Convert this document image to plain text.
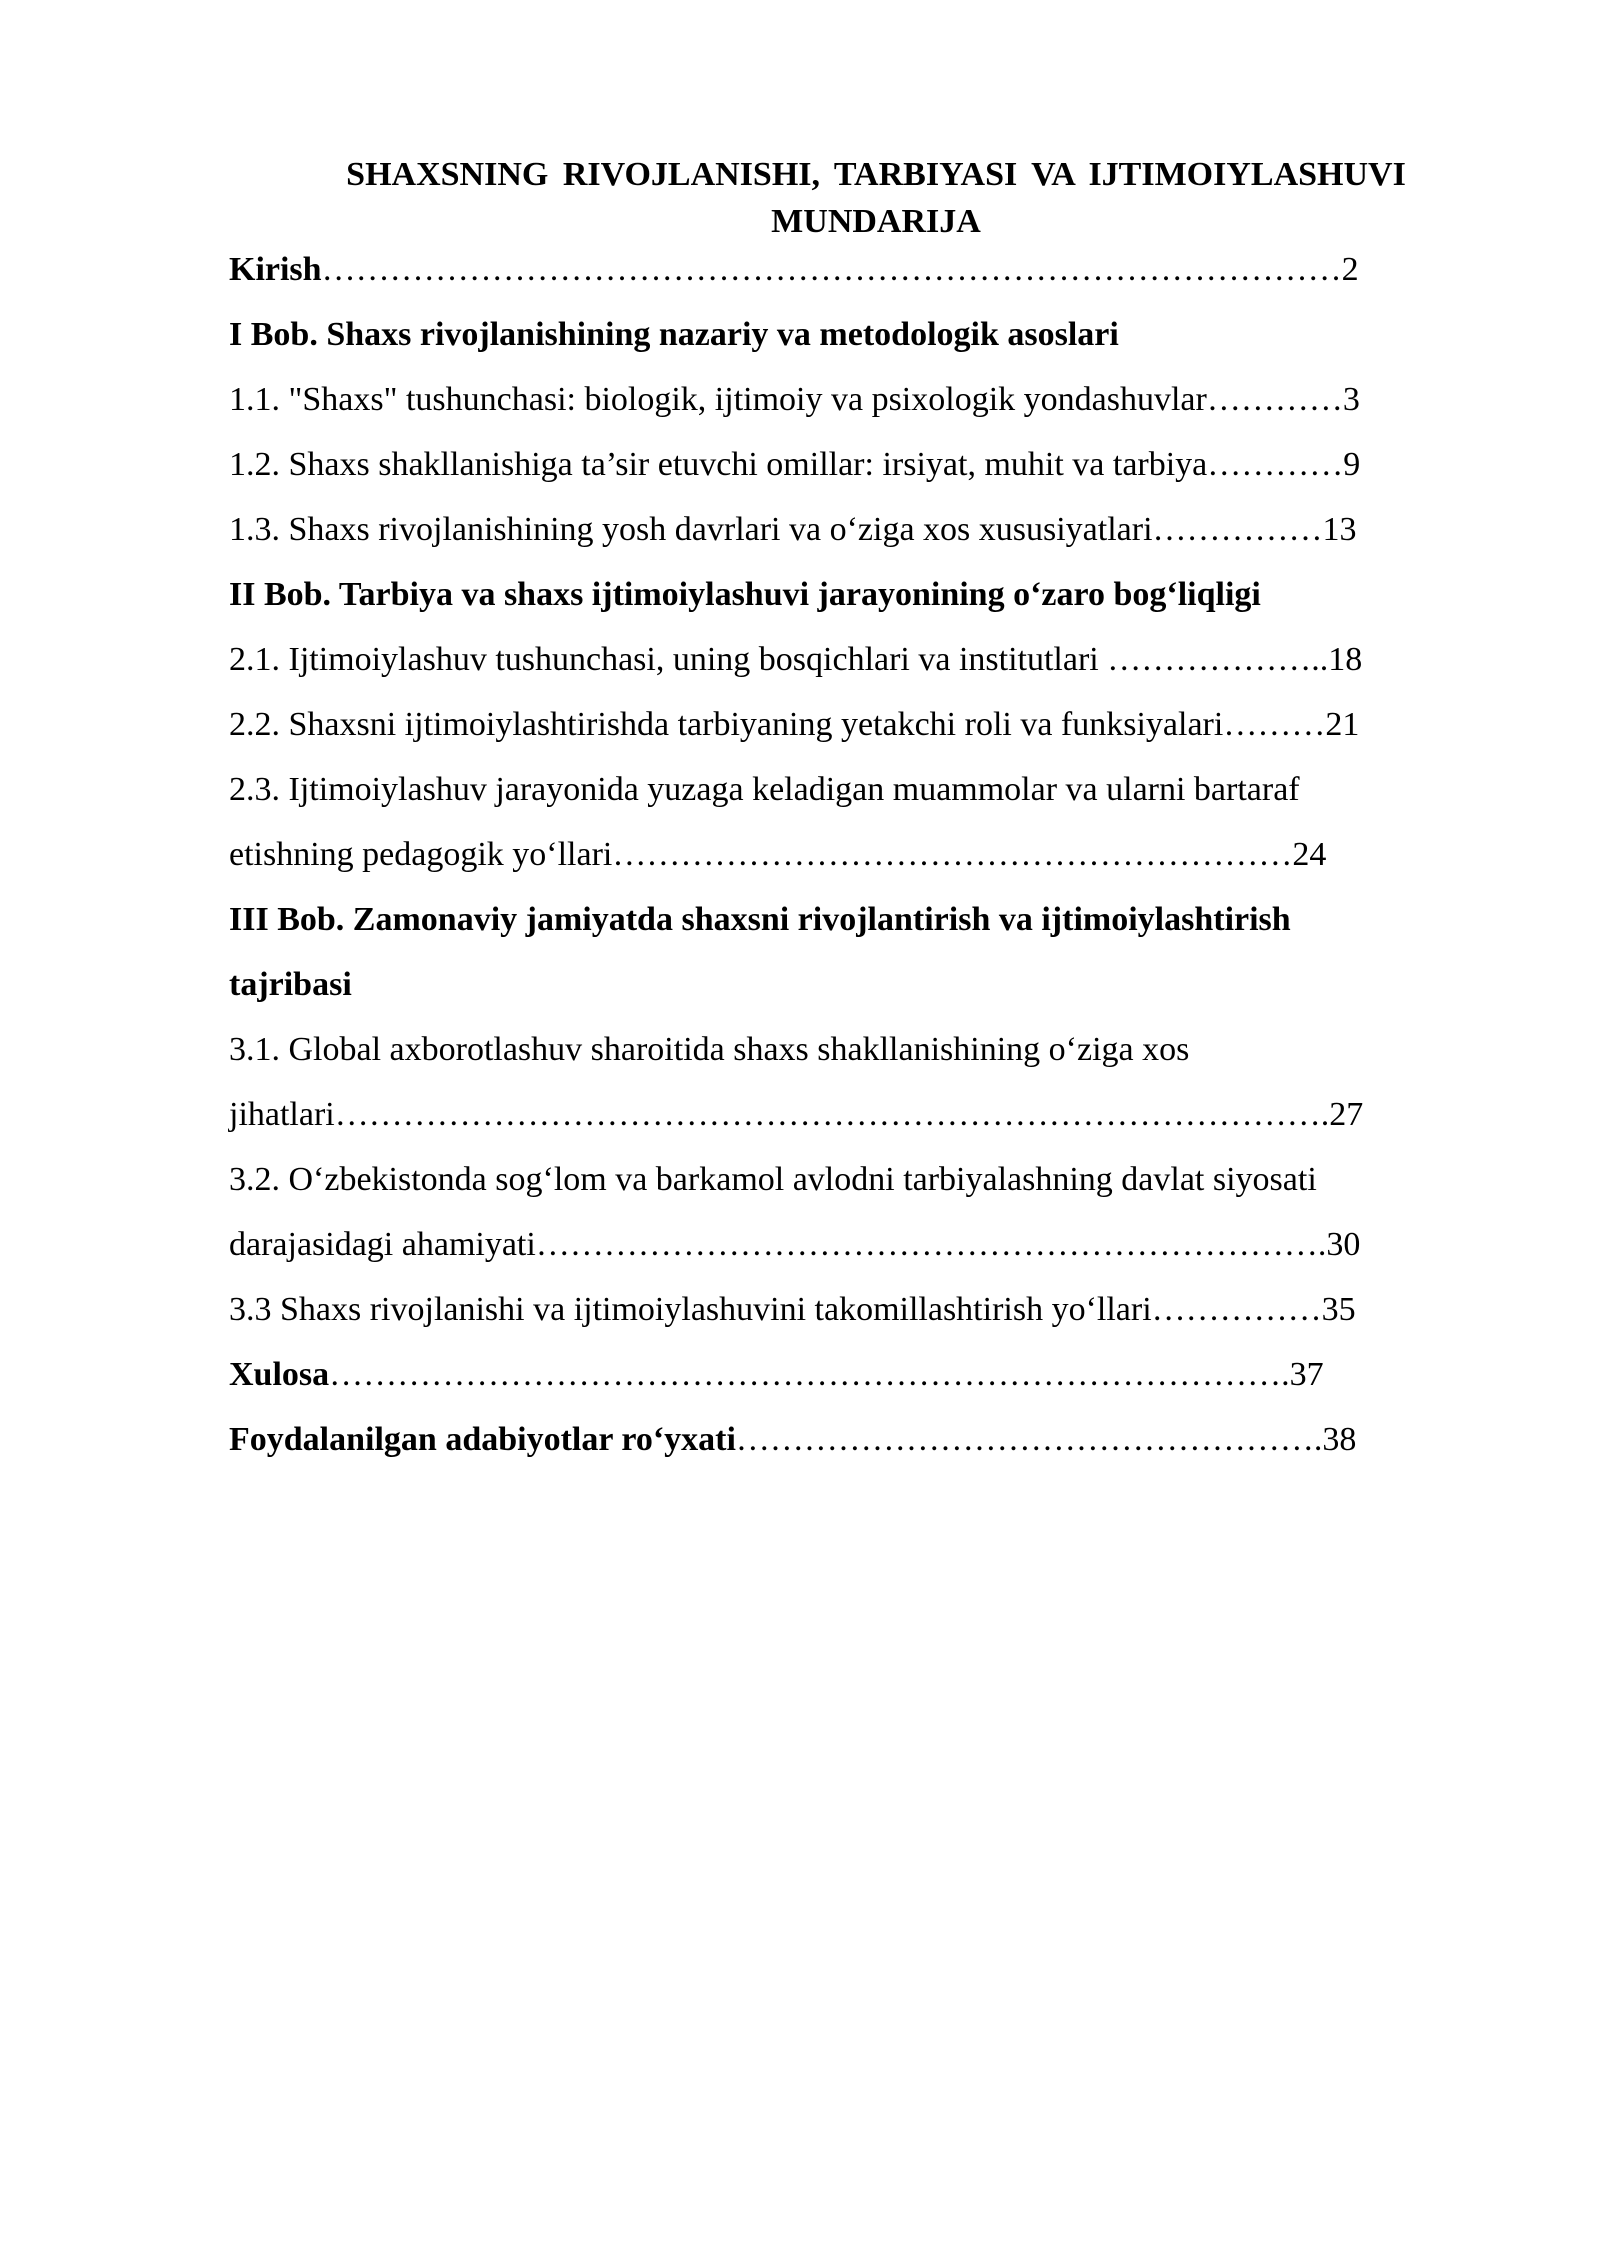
SHAXSNING RIVOJLANISHI, TARBIYASI VA IJTIMOIYLASHUVI
MUNDARIJA
Kirish………………………………………………………………………………2
I Bob. Shaxs rivojlanishining nazariy va metodologik asoslari
1.1. "Shaxs" tushunchasi: biologik, ijtimoiy va psixologik yondashuvlar…………3
1.2. Shaxs shakllanishiga ta’sir etuvchi omillar: irsiyat, muhit va tarbiya…………9
1.3. Shaxs rivojlanishining yosh davrlari va o‘ziga xos xususiyatlari……………13
II Bob. Tarbiya va shaxs ijtimoiylashuvi jarayonining o‘zaro bog‘liqligi
2.1. Ijtimoiylashuv tushunchasi, uning bosqichlari va institutlari ………………..18
2.2. Shaxsni ijtimoiylashtirishda tarbiyaning yetakchi roli va funksiyalari………21
2.3. Ijtimoiylashuv jarayonida yuzaga keladigan muammolar va ularni bartaraf
etishning pedagogik yo‘llari……………………………………………………24
III Bob. Zamonaviy jamiyatda shaxsni rivojlantirish va ijtimoiylashtirish
tajribasi
3.1. Global axborotlashuv sharoitida shaxs shakllanishining o‘ziga xos
jihatlari…………………………………………………………………………….27
3.2. O‘zbekistonda sog‘lom va barkamol avlodni tarbiyalashning davlat siyosati
darajasidagi ahamiyati…………………………………………………………….30
3.3 Shaxs rivojlanishi va ijtimoiylashuvini takomillashtirish yo‘llari……………35
Xulosa………………………………………………………………………….37
Foydalanilgan adabiyotlar ro‘yxati…………………………………………….38
